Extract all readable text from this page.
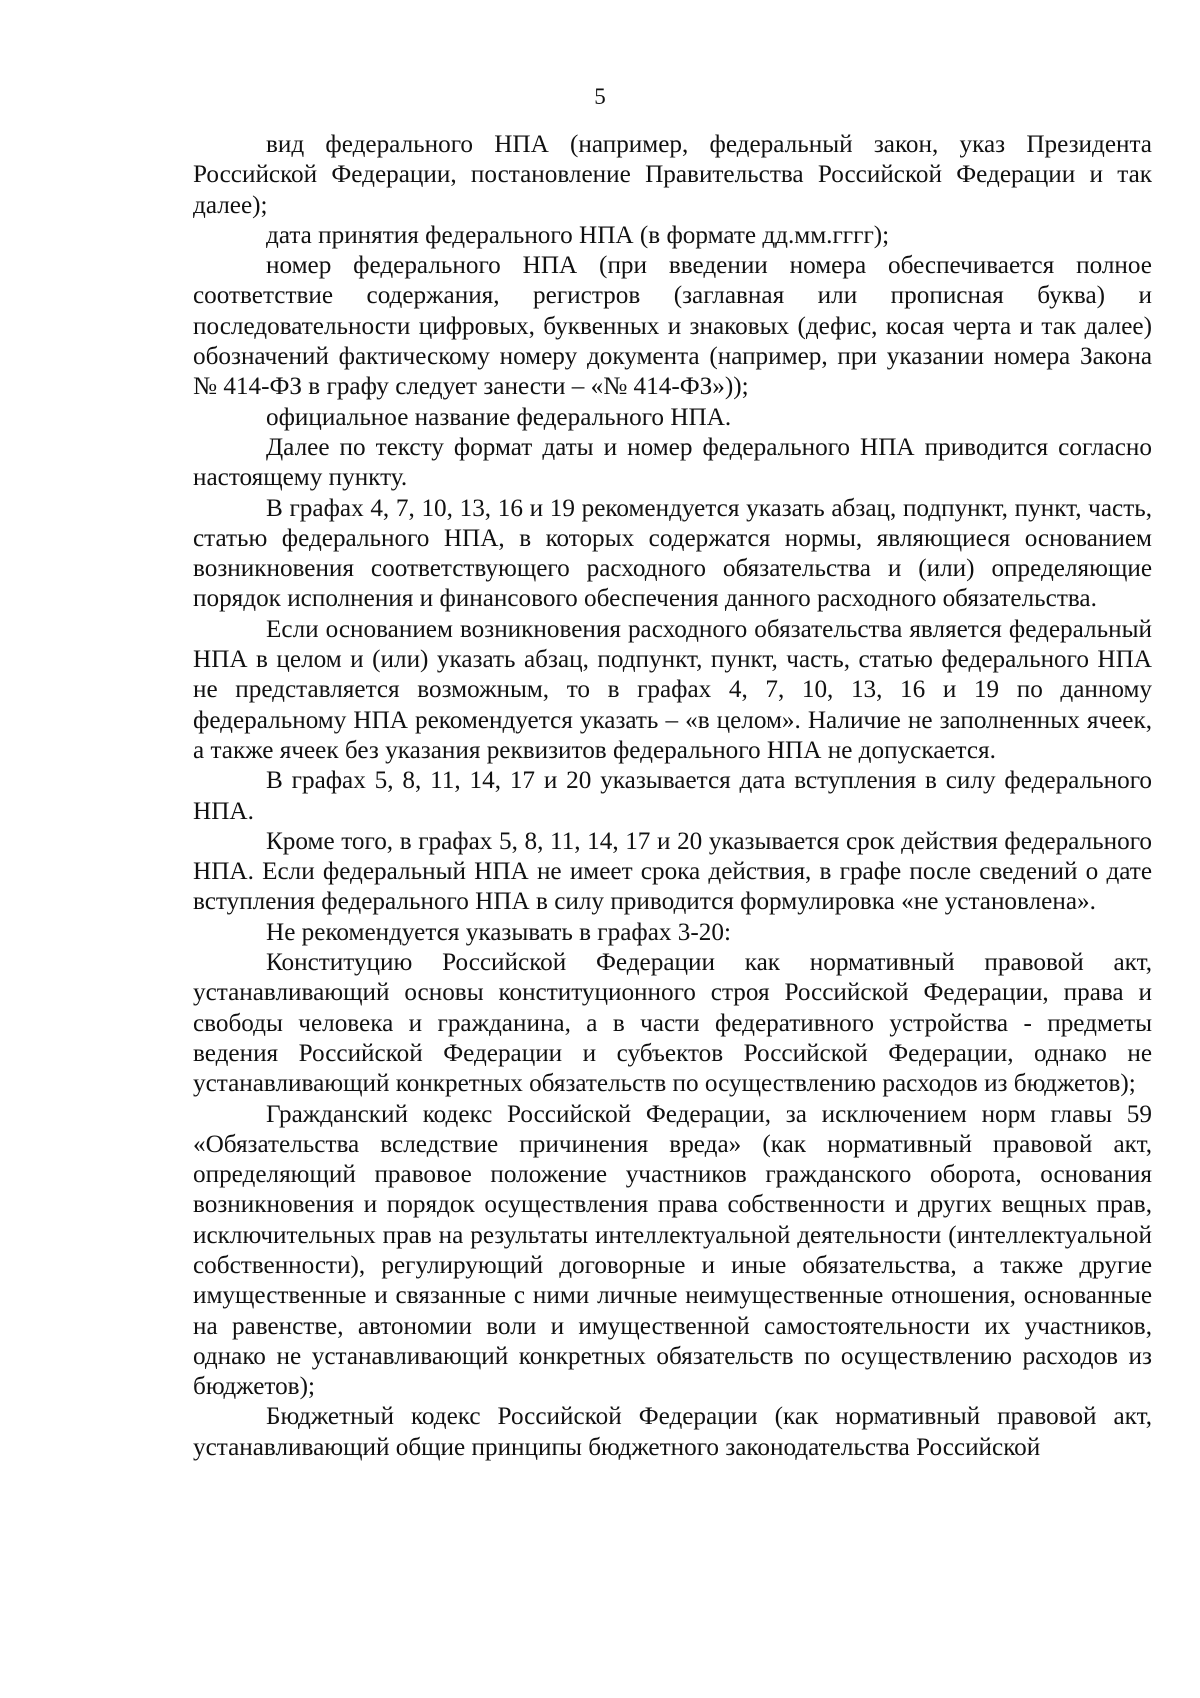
5

вид федерального НПА (например, федеральный закон, указ Президента Российской Федерации, постановление Правительства Российской Федерации и так далее);

дата принятия федерального НПА (в формате дд.мм.гггг);

номер федерального НПА (при введении номера обеспечивается полное соответствие содержания, регистров (заглавная или прописная буква) и последовательности цифровых, буквенных и знаковых (дефис, косая черта и так далее) обозначений фактическому номеру документа (например, при указании номера Закона № 414-ФЗ в графу следует занести – «№ 414-ФЗ»));

официальное название федерального НПА.

Далее по тексту формат даты и номер федерального НПА приводится согласно настоящему пункту.

В графах 4, 7, 10, 13, 16 и 19 рекомендуется указать абзац, подпункт, пункт, часть, статью федерального НПА, в которых содержатся нормы, являющиеся основанием возникновения соответствующего расходного обязательства и (или) определяющие порядок исполнения и финансового обеспечения данного расходного обязательства.

Если основанием возникновения расходного обязательства является федеральный НПА в целом и (или) указать абзац, подпункт, пункт, часть, статью федерального НПА не представляется возможным, то в графах 4, 7, 10, 13, 16 и 19 по данному федеральному НПА рекомендуется указать – «в целом». Наличие не заполненных ячеек, а также ячеек без указания реквизитов федерального НПА не допускается.

В графах 5, 8, 11, 14, 17 и 20 указывается дата вступления в силу федерального НПА.

Кроме того, в графах 5, 8, 11, 14, 17 и 20 указывается срок действия федерального НПА. Если федеральный НПА не имеет срока действия, в графе после сведений о дате вступления федерального НПА в силу приводится формулировка «не установлена».

Не рекомендуется указывать в графах 3-20:

Конституцию Российской Федерации как нормативный правовой акт, устанавливающий основы конституционного строя Российской Федерации, права и свободы человека и гражданина, а в части федеративного устройства - предметы ведения Российской Федерации и субъектов Российской Федерации, однако не устанавливающий конкретных обязательств по осуществлению расходов из бюджетов);

Гражданский кодекс Российской Федерации, за исключением норм главы 59 «Обязательства вследствие причинения вреда» (как нормативный правовой акт, определяющий правовое положение участников гражданского оборота, основания возникновения и порядок осуществления права собственности и других вещных прав, исключительных прав на результаты интеллектуальной деятельности (интеллектуальной собственности), регулирующий договорные и иные обязательства, а также другие имущественные и связанные с ними личные неимущественные отношения, основанные на равенстве, автономии воли и имущественной самостоятельности их участников, однако не устанавливающий конкретных обязательств по осуществлению расходов из бюджетов);

Бюджетный кодекс Российской Федерации (как нормативный правовой акт, устанавливающий общие принципы бюджетного законодательства Российской
